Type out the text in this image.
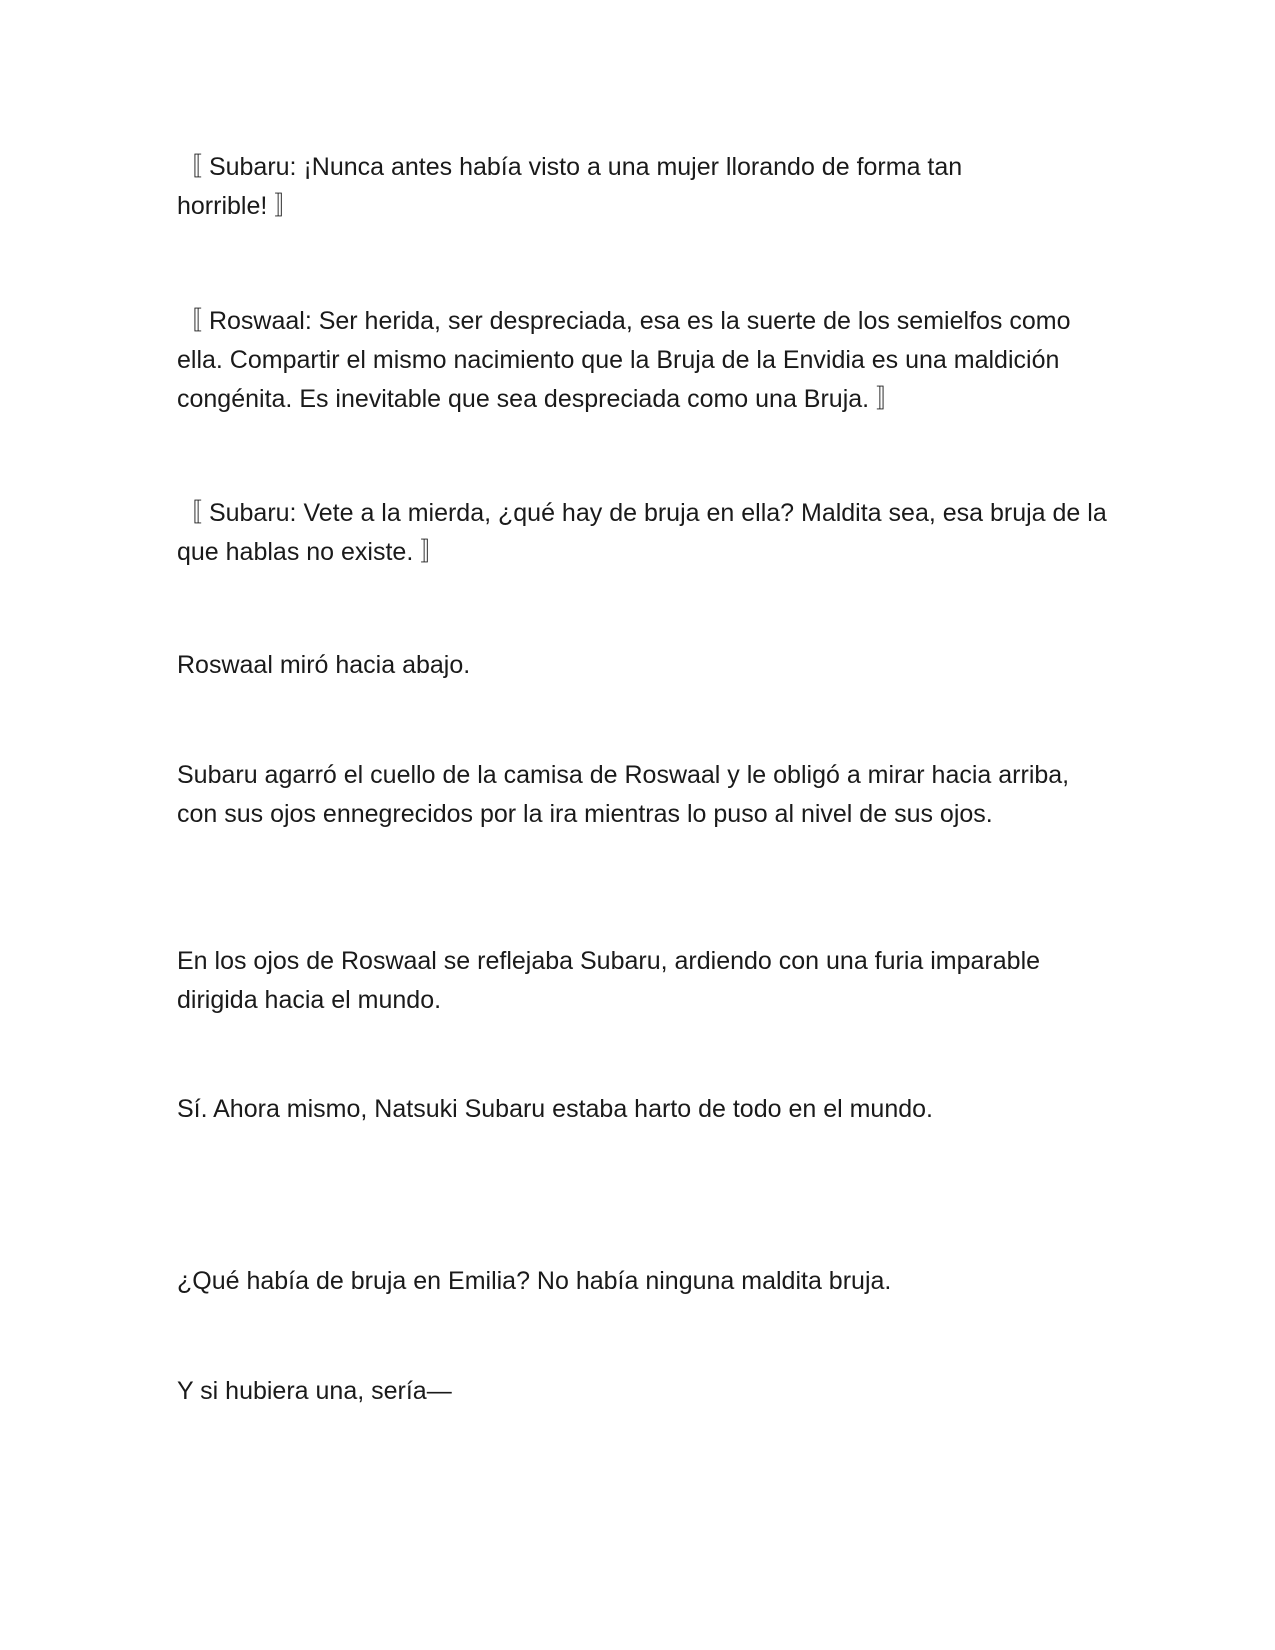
〚 Subaru: ¡Nunca antes había visto a una mujer llorando de forma tan horrible! 〛

〚 Roswaal: Ser herida, ser despreciada, esa es la suerte de los semielfos como ella. Compartir el mismo nacimiento que la Bruja de la Envidia es una maldición congénita. Es inevitable que sea despreciada como una Bruja. 〛

〚 Subaru: Vete a la mierda, ¿qué hay de bruja en ella? Maldita sea, esa bruja de la que hablas no existe. 〛

Roswaal miró hacia abajo.

Subaru agarró el cuello de la camisa de Roswaal y le obligó a mirar hacia arriba, con sus ojos ennegrecidos por la ira mientras lo puso al nivel de sus ojos.

En los ojos de Roswaal se reflejaba Subaru, ardiendo con una furia imparable dirigida hacia el mundo.

Sí. Ahora mismo, Natsuki Subaru estaba harto de todo en el mundo.

¿Qué había de bruja en Emilia? No había ninguna maldita bruja.

Y si hubiera una, sería—
